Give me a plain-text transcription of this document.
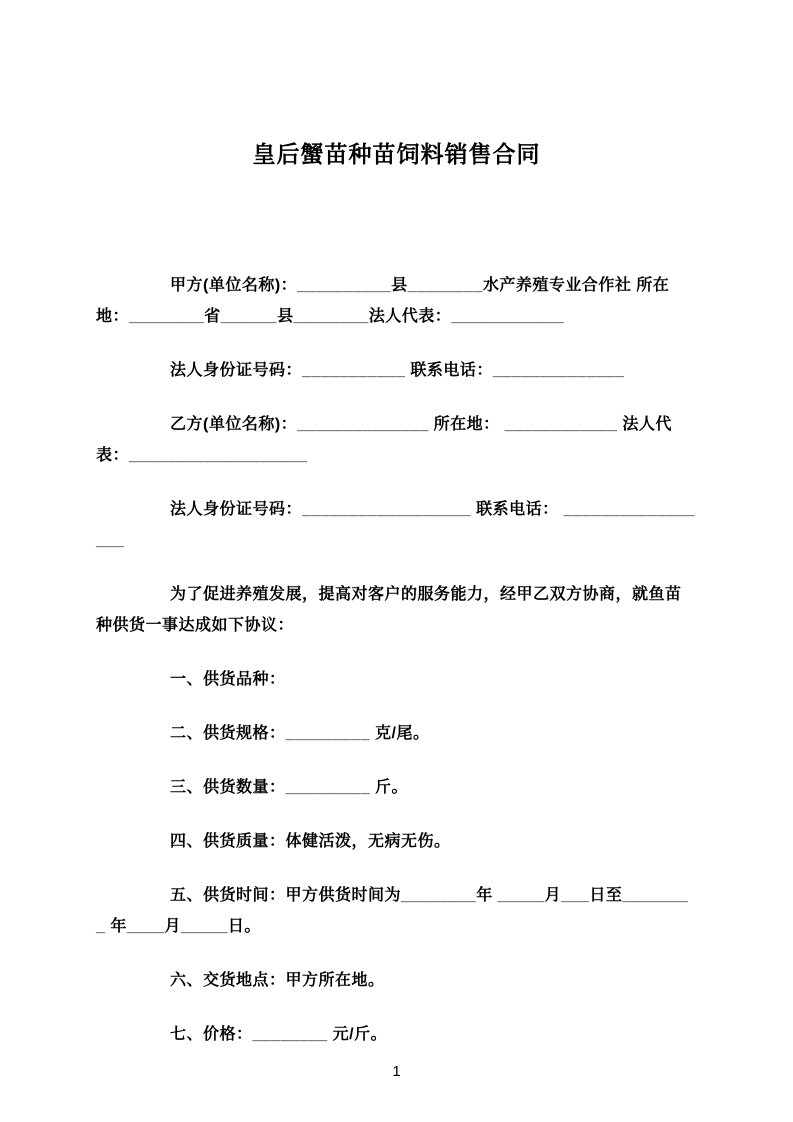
皇后蟹苗种苗饲料销售合同

甲方(单位名称)：__________县________水产养殖专业合作社 所在地：________省______县________法人代表：____________

法人身份证号码：___________ 联系电话：______________

乙方(单位名称)：______________ 所在地： ____________ 法人代表：___________________

法人身份证号码：__________________ 联系电话： _________________

为了促进养殖发展，提高对客户的服务能力，经甲乙双方协商，就鱼苗种供货一事达成如下协议：

一、供货品种：

二、供货规格：_________ 克/尾。

三、供货数量：_________ 斤。

四、供货质量：体健活泼，无病无伤。

五、供货时间：甲方供货时间为________年 _____月___日至________ 年____月_____日。

六、交货地点：甲方所在地。

七、价格：________ 元/斤。

1
